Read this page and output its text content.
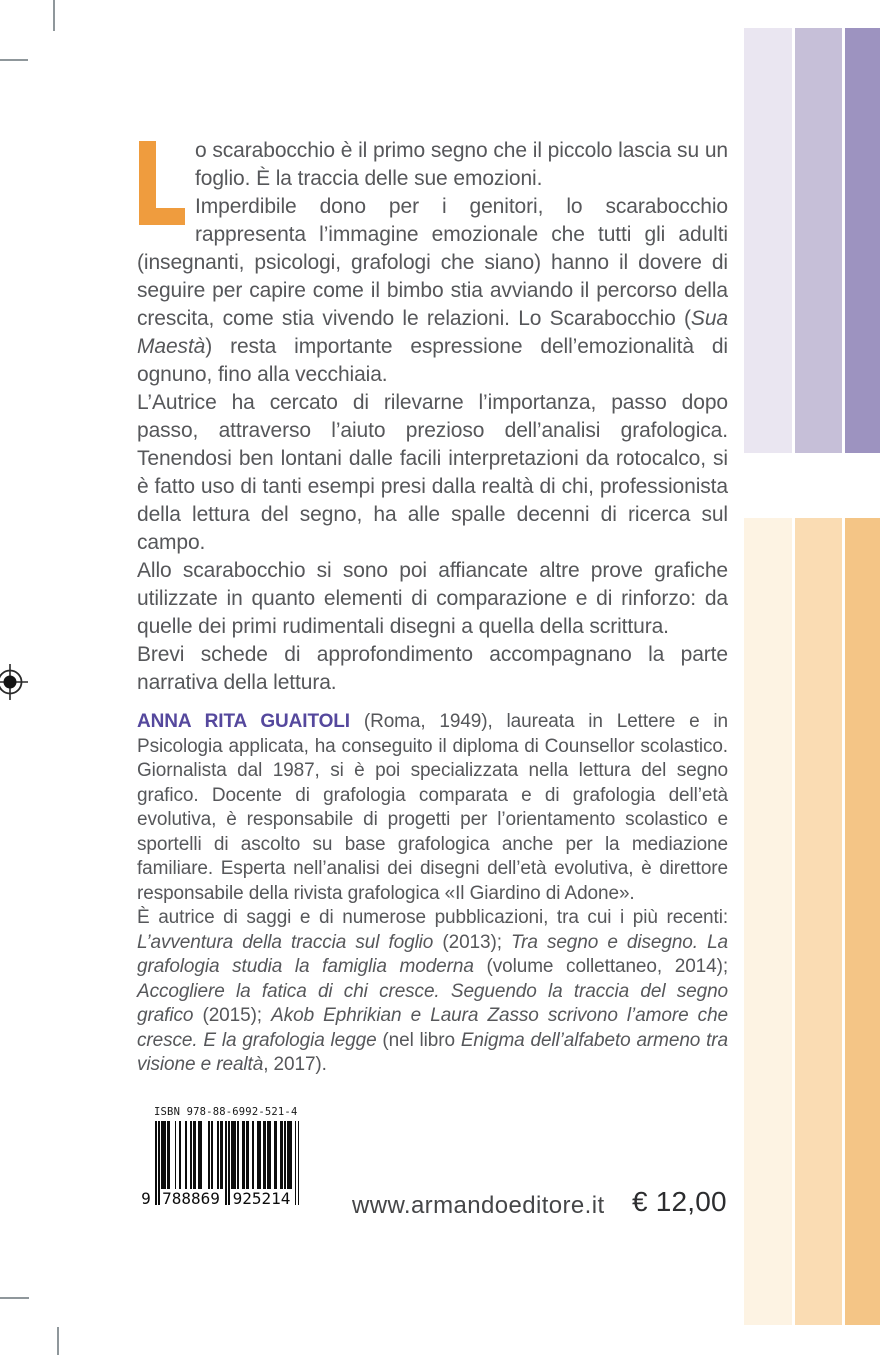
o scarabocchio è il primo segno che il piccolo lascia su un foglio. È la traccia delle sue emozioni.

Imperdibile dono per i genitori, lo scarabocchio rappresenta l’immagine emozionale che tutti gli adulti (insegnanti, psicologi, grafologi che siano) hanno il dovere di seguire per capire come il bimbo stia avviando il percorso della crescita, come stia vivendo le relazioni. Lo Scarabocchio (Sua Maestà) resta importante espressione dell’emozionalità di ognuno, fino alla vecchiaia.

L’Autrice ha cercato di rilevarne l’importanza, passo dopo passo, attraverso l’aiuto prezioso dell’analisi grafologica. Tenendosi ben lontani dalle facili interpretazioni da rotocalco, si è fatto uso di tanti esempi presi dalla realtà di chi, professionista della lettura del segno, ha alle spalle decenni di ricerca sul campo.

Allo scarabocchio si sono poi affiancate altre prove grafiche utilizzate in quanto elementi di comparazione e di rinforzo: da quelle dei primi rudimentali disegni a quella della scrittura.

Brevi schede di approfondimento accompagnano la parte narrativa della lettura.

ANNA RITA GUAITOLI (Roma, 1949), laureata in Lettere e in Psicologia applicata, ha conseguito il diploma di Counsellor scolastico. Giornalista dal 1987, si è poi specializzata nella lettura del segno grafico. Docente di grafologia comparata e di grafologia dell’età evolutiva, è responsabile di progetti per l’orientamento scolastico e sportelli di ascolto su base grafologica anche per la mediazione familiare. Esperta nell’analisi dei disegni dell’età evolutiva, è direttore responsabile della rivista grafologica «Il Giardino di Adone».

È autrice di saggi e di numerose pubblicazioni, tra cui i più recenti: L’avventura della traccia sul foglio (2013); Tra segno e disegno. La grafologia studia la famiglia moderna (volume collettaneo, 2014); Accogliere la fatica di chi cresce. Seguendo la traccia del segno grafico (2015); Akob Ephrikian e Laura Zasso scrivono l’amore che cresce. E la grafologia legge (nel libro Enigma dell’alfabeto armeno tra visione e realtà, 2017).

ISBN 978-88-6992-521-4
9 788869 925214	www.armandoeditore.it € 12,00
